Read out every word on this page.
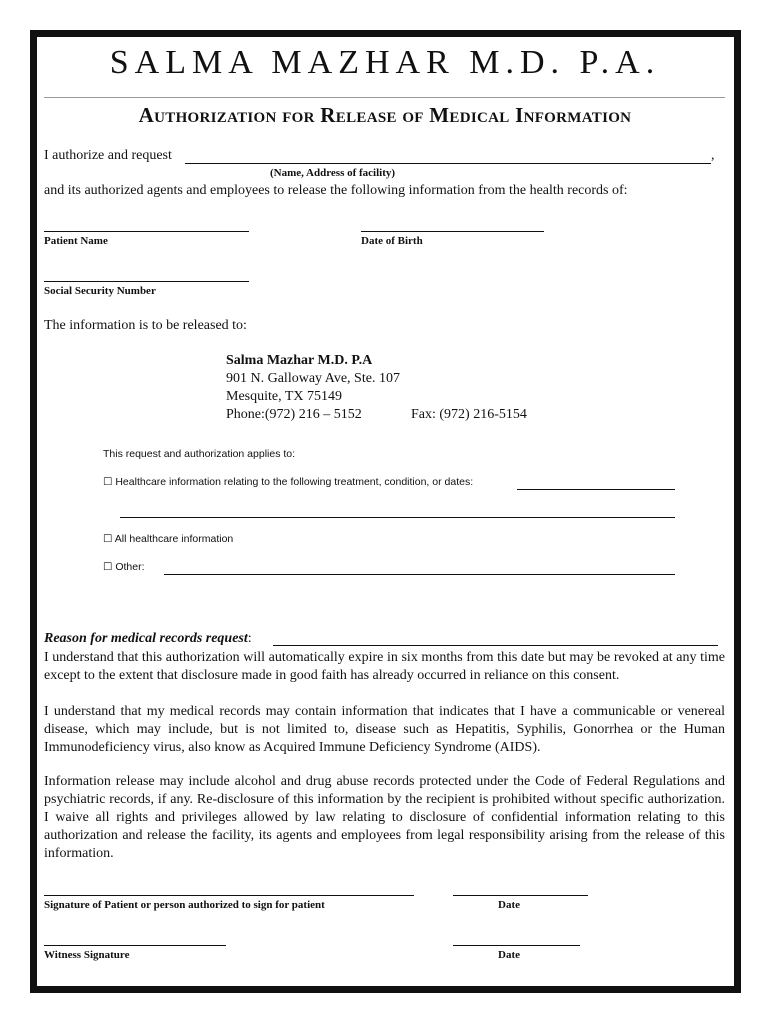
SALMA MAZHAR M.D. P.A.
Authorization for Release of Medical Information
I authorize and request	,
(Name, Address of facility)
and its authorized agents and employees to release the following information from the health records of:
Patient Name	Date of Birth
Social Security Number
The information is to be released to:
Salma Mazhar M.D. P.A
901 N. Galloway Ave, Ste. 107
Mesquite, TX 75149
Phone:(972) 216 – 5152	Fax: (972) 216-5154
This request and authorization applies to:
☐ Healthcare information relating to the following treatment, condition, or dates:
☐ All healthcare information
☐ Other:
Reason for medical records request:
I understand that this authorization will automatically expire in six months from this date but may be revoked at any time except to the extent that disclosure made in good faith has already occurred in reliance on this consent.
I understand that my medical records may contain information that indicates that I have a communicable or venereal disease, which may include, but is not limited to, disease such as Hepatitis, Syphilis, Gonorrhea or the Human Immunodeficiency virus, also know as Acquired Immune Deficiency Syndrome (AIDS).
Information release may include alcohol and drug abuse records protected under the Code of Federal Regulations and psychiatric records, if any. Re-disclosure of this information by the recipient is prohibited without specific authorization. I waive all rights and privileges allowed by law relating to disclosure of confidential information relating to this authorization and release the facility, its agents and employees from legal responsibility arising from the release of this information.
Signature of Patient or person authorized to sign for patient	Date
Witness Signature	Date
